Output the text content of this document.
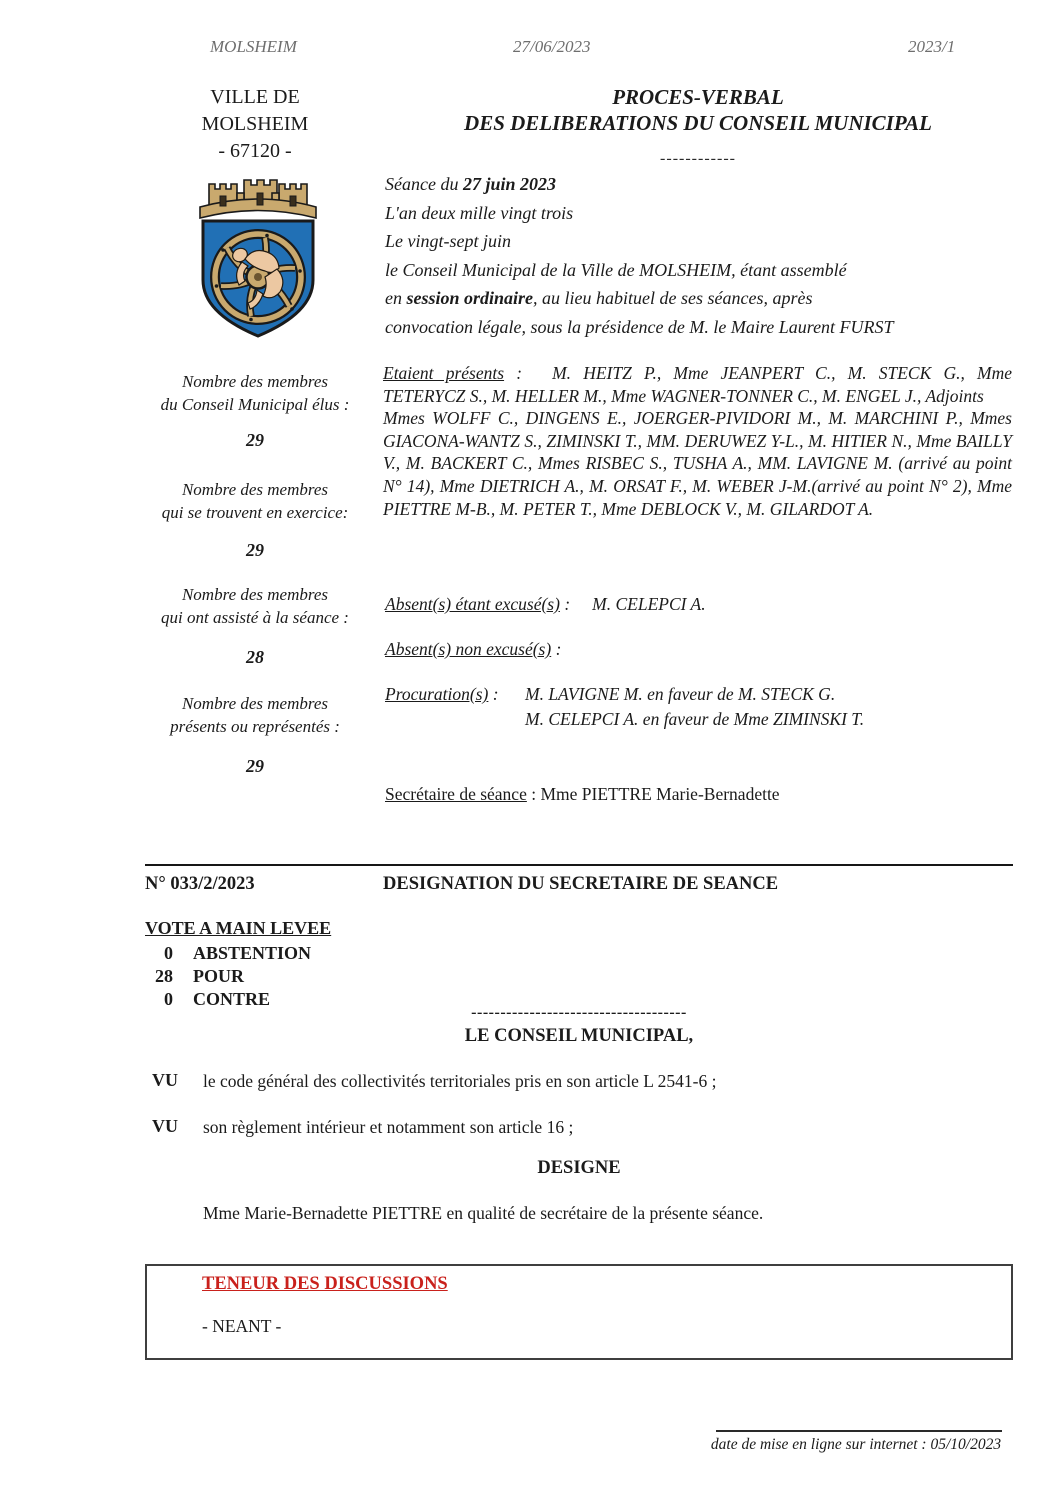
MOLSHEIM	27/06/2023	2023/1
VILLE DE
MOLSHEIM
- 67120 -
Nombre des membres
du Conseil Municipal élus :
29
Nombre des membres
qui se trouvent en exercice:
29
Nombre des membres
qui ont assisté à la séance :
28
Nombre des membres
présents ou représentés :
29
PROCES-VERBAL
DES DELIBERATIONS DU CONSEIL MUNICIPAL
------------

Séance du 27 juin 2023

L'an deux mille vingt trois

Le vingt-sept juin

le Conseil Municipal de la Ville de MOLSHEIM, étant assemblé

en session ordinaire, au lieu habituel de ses séances, après

convocation légale, sous la présidence de M. le Maire Laurent FURST

Etaient présents : M. HEITZ P., Mme JEANPERT C., M. STECK G., Mme TETERYCZ S., M. HELLER M., Mme WAGNER-TONNER C., M. ENGEL J., Adjoints
Mmes WOLFF C., DINGENS E., JOERGER-PIVIDORI M., M. MARCHINI P., Mmes GIACONA-WANTZ S., ZIMINSKI T., MM. DERUWEZ Y-L., M. HITIER N., Mme BAILLY V., M. BACKERT C., Mmes RISBEC S., TUSHA A., MM. LAVIGNE M. (arrivé au point N° 14), Mme DIETRICH A., M. ORSAT F., M. WEBER J-M.(arrivé au point N° 2), Mme PIETTRE M-B., M. PETER T., Mme DEBLOCK V., M. GILARDOT A.
Absent(s) étant excusé(s) : M. CELEPCI A.
Absent(s) non excusé(s) :
Procuration(s) :	M. LAVIGNE M. en faveur de M. STECK G.
M. CELEPCI A. en faveur de Mme ZIMINSKI T.
Secrétaire de séance : Mme PIETTRE Marie-Bernadette
N° 033/2/2023	DESIGNATION DU SECRETAIRE DE SEANCE
VOTE A MAIN LEVEE
0 ABSTENTION
28 POUR
0 CONTRE
-------------------------------------
LE CONSEIL MUNICIPAL,
VU le code général des collectivités territoriales pris en son article L 2541-6 ;
VU son règlement intérieur et notamment son article 16 ;
DESIGNE
Mme Marie-Bernadette PIETTRE en qualité de secrétaire de la présente séance.
TENEUR DES DISCUSSIONS
- NEANT -
date de mise en ligne sur internet : 05/10/2023
